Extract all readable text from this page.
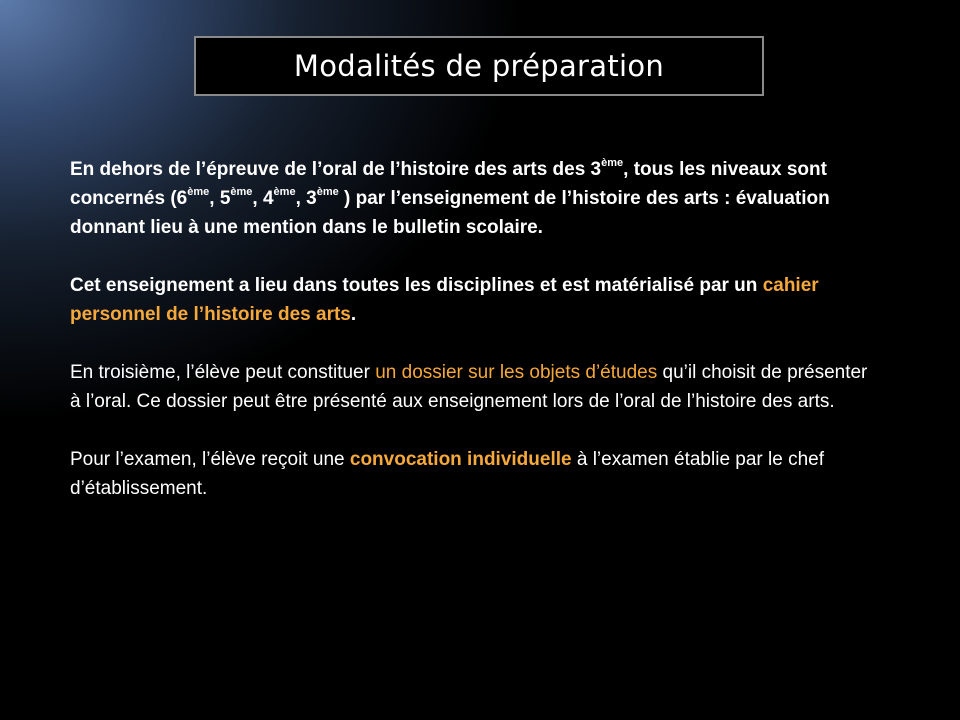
Modalités de préparation

En dehors de l’épreuve de l’oral de l’histoire des arts des 3ème, tous les niveaux sont concernés (6ème, 5ème, 4ème, 3ème ) par l’enseignement de l’histoire des arts : évaluation donnant lieu à une mention dans le bulletin scolaire.

Cet enseignement a lieu dans toutes les disciplines et est matérialisé par un cahier personnel de l’histoire des arts.

En troisième, l’élève peut constituer un dossier sur les objets d’études qu’il choisit de présenter à l’oral. Ce dossier peut être présenté aux enseignement lors de l’oral de l’histoire des arts.

Pour l’examen, l’élève reçoit une convocation individuelle à l’examen établie par le chef d’établissement.
